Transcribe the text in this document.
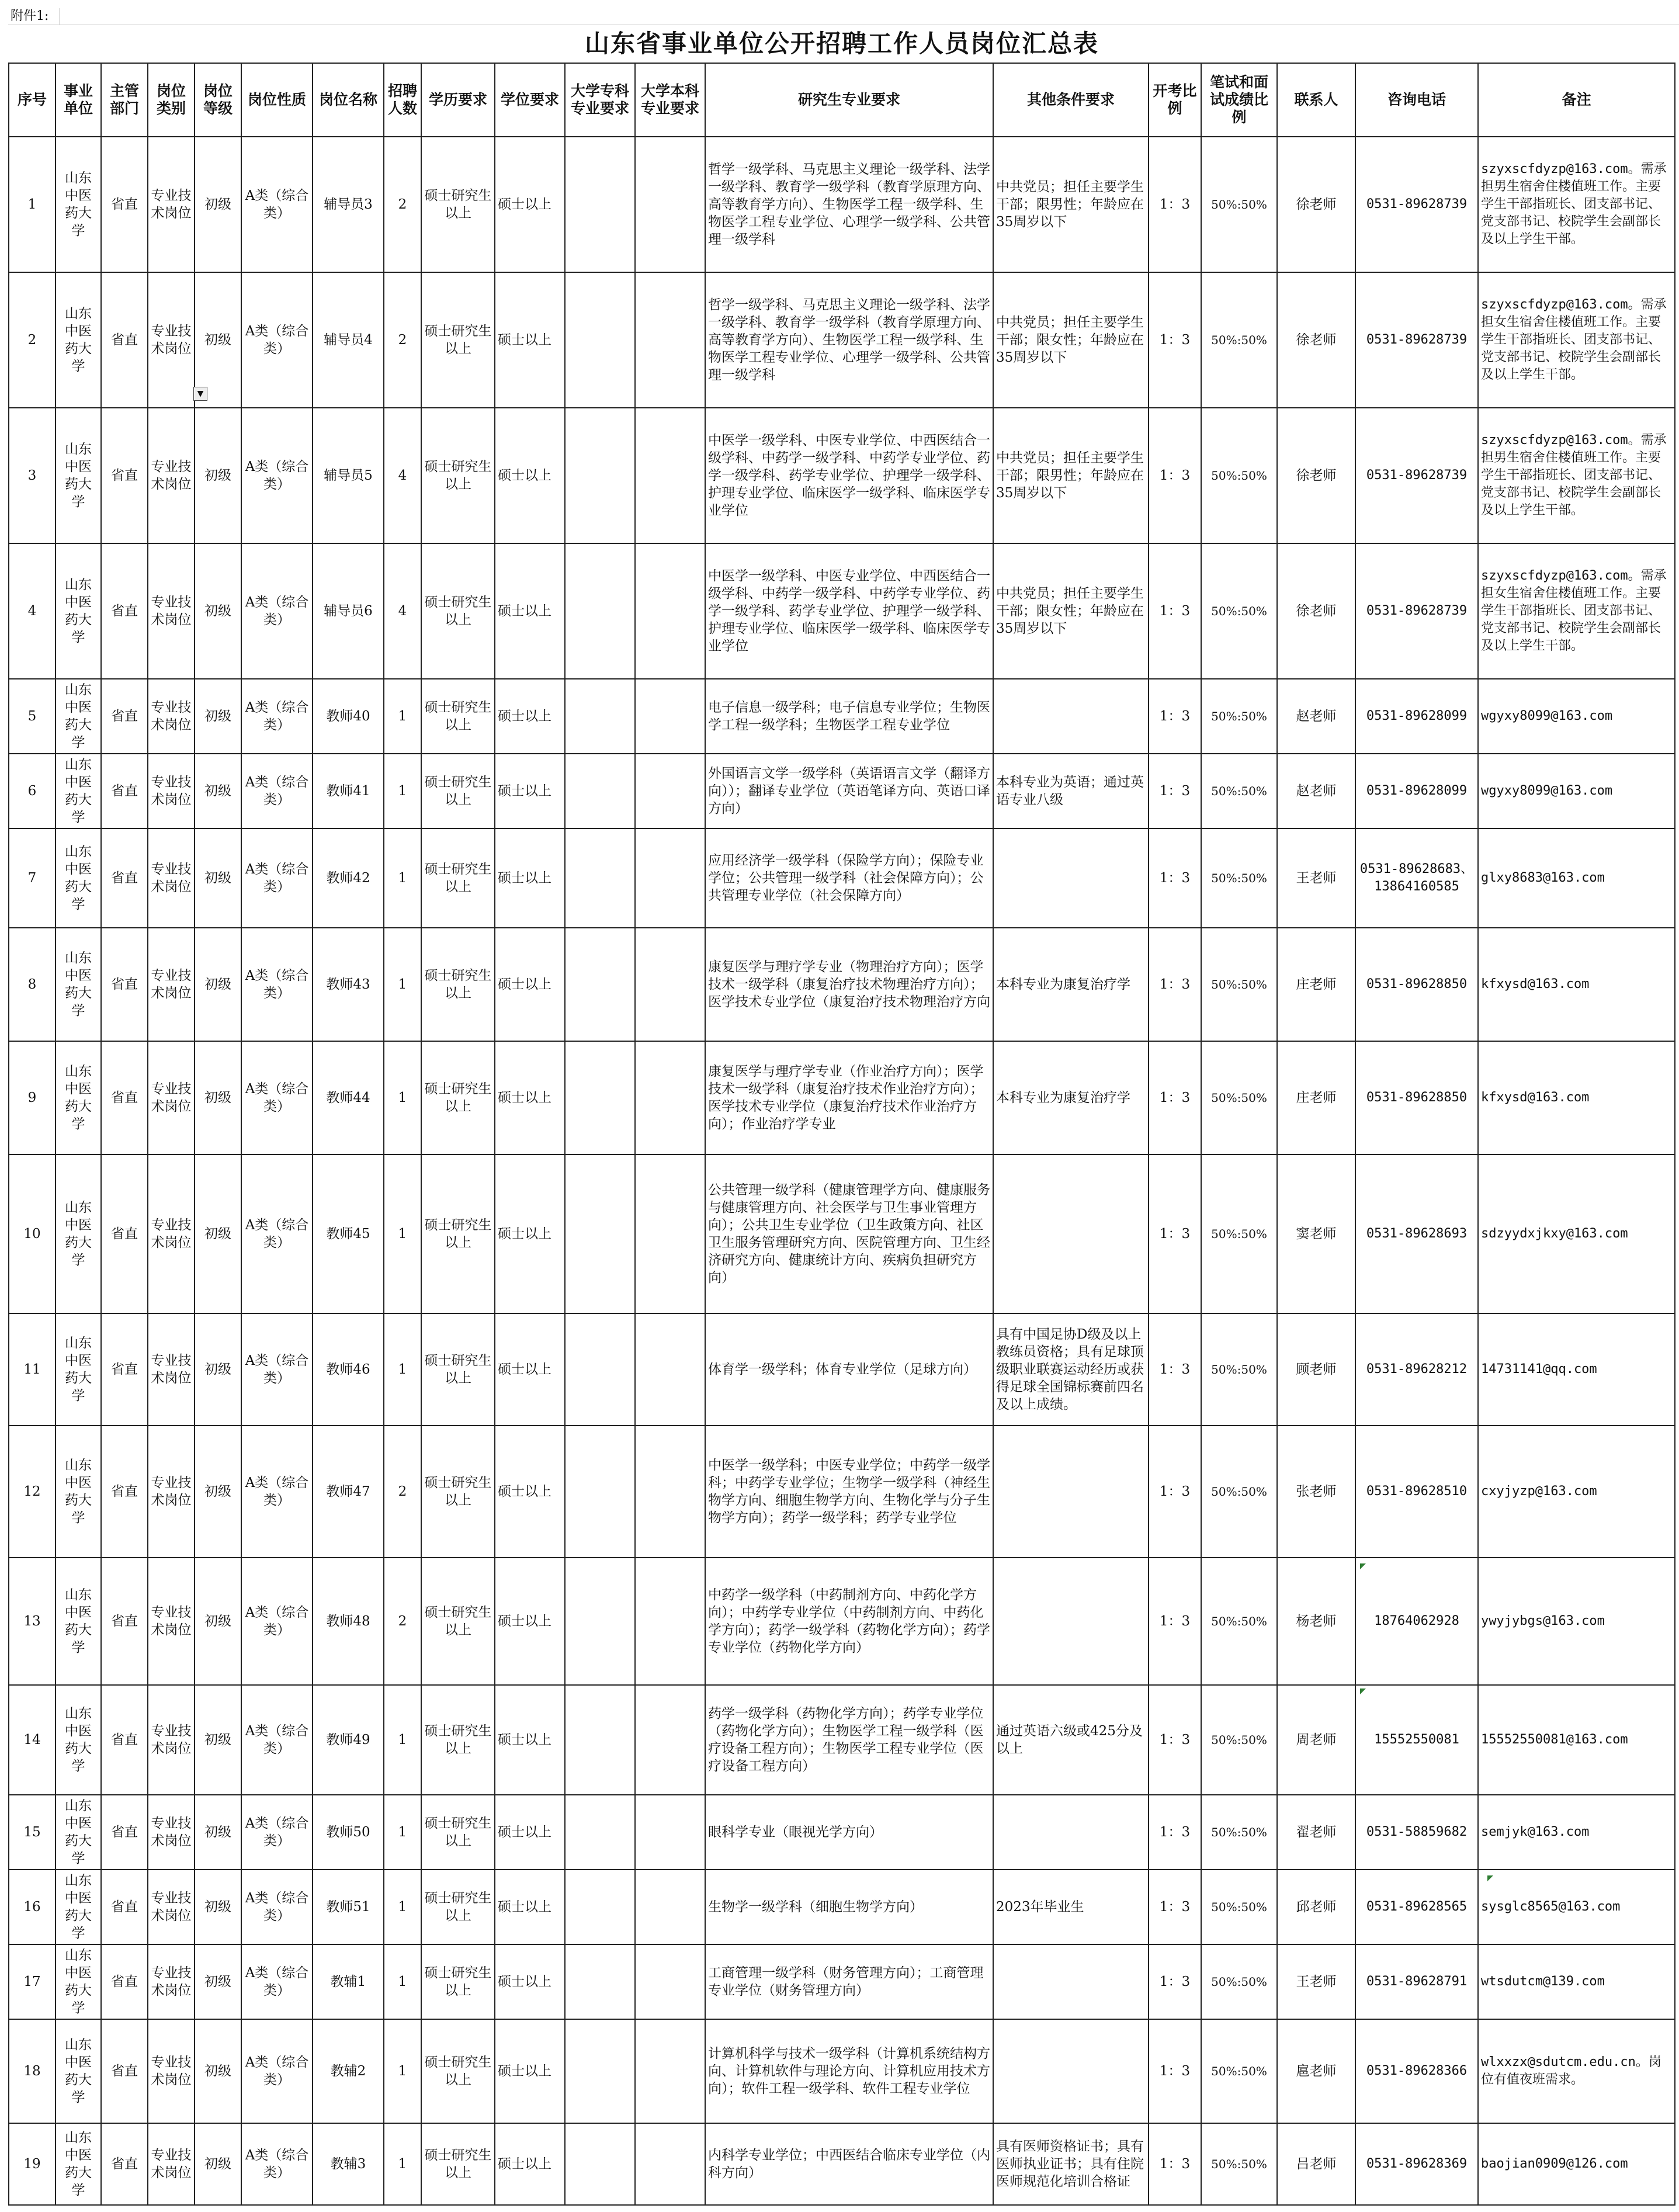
附件1:
山东省事业单位公开招聘工作人员岗位汇总表																		
序号	事业单位	主管部门	岗位类别	岗位等级	岗位性质	岗位名称	招聘人数	学历要求	学位要求	大学专科专业要求	大学本科专业要求	研究生专业要求	其他条件要求	开考比例	笔试和面试成绩比例	联系人	咨询电话	备注
1	山东中医药大学	省直	专业技术岗位	初级	A类（综合类）	辅导员3	2	硕士研究生以上	硕士以上			哲学一级学科、马克思主义理论一级学科、法学一级学科、教育学一级学科（教育学原理方向、高等教育学方向）、生物医学工程一级学科、生物医学工程专业学位、心理学一级学科、公共管理一级学科	中共党员；担任主要学生干部；限男性；年龄应在35周岁以下	1：3	50%:50%	徐老师	0531-89628739	szyxscfdyzp@163.com。需承担男生宿舍住楼值班工作。主要学生干部指班长、团支部书记、党支部书记、校院学生会副部长及以上学生干部。
2	山东中医药大学	省直	专业技术岗位	初级	A类（综合类）	辅导员4	2	硕士研究生以上	硕士以上			哲学一级学科、马克思主义理论一级学科、法学一级学科、教育学一级学科（教育学原理方向、高等教育学方向）、生物医学工程一级学科、生物医学工程专业学位、心理学一级学科、公共管理一级学科	中共党员；担任主要学生干部；限女性；年龄应在35周岁以下	1：3	50%:50%	徐老师	0531-89628739	szyxscfdyzp@163.com。需承担女生宿舍住楼值班工作。主要学生干部指班长、团支部书记、党支部书记、校院学生会副部长及以上学生干部。
3	山东中医药大学	省直	专业技术岗位	初级	A类（综合类）	辅导员5	4	硕士研究生以上	硕士以上			中医学一级学科、中医专业学位、中西医结合一级学科、中药学一级学科、中药学专业学位、药学一级学科、药学专业学位、护理学一级学科、护理专业学位、临床医学一级学科、临床医学专业学位	中共党员；担任主要学生干部；限男性；年龄应在35周岁以下	1：3	50%:50%	徐老师	0531-89628739	szyxscfdyzp@163.com。需承担男生宿舍住楼值班工作。主要学生干部指班长、团支部书记、党支部书记、校院学生会副部长及以上学生干部。
4	山东中医药大学	省直	专业技术岗位	初级	A类（综合类）	辅导员6	4	硕士研究生以上	硕士以上			中医学一级学科、中医专业学位、中西医结合一级学科、中药学一级学科、中药学专业学位、药学一级学科、药学专业学位、护理学一级学科、护理专业学位、临床医学一级学科、临床医学专业学位	中共党员；担任主要学生干部；限女性；年龄应在35周岁以下	1：3	50%:50%	徐老师	0531-89628739	szyxscfdyzp@163.com。需承担女生宿舍住楼值班工作。主要学生干部指班长、团支部书记、党支部书记、校院学生会副部长及以上学生干部。
5	山东中医药大学	省直	专业技术岗位	初级	A类（综合类）	教师40	1	硕士研究生以上	硕士以上			电子信息一级学科；电子信息专业学位；生物医学工程一级学科；生物医学工程专业学位		1：3	50%:50%	赵老师	0531-89628099	wgyxy8099@163.com
6	山东中医药大学	省直	专业技术岗位	初级	A类（综合类）	教师41	1	硕士研究生以上	硕士以上			外国语言文学一级学科（英语语言文学（翻译方向））；翻译专业学位（英语笔译方向、英语口译方向）	本科专业为英语；通过英语专业八级	1：3	50%:50%	赵老师	0531-89628099	wgyxy8099@163.com
7	山东中医药大学	省直	专业技术岗位	初级	A类（综合类）	教师42	1	硕士研究生以上	硕士以上			应用经济学一级学科（保险学方向）；保险专业学位；公共管理一级学科（社会保障方向）；公共管理专业学位（社会保障方向）		1：3	50%:50%	王老师	0531-89628683、13864160585	glxy8683@163.com
8	山东中医药大学	省直	专业技术岗位	初级	A类（综合类）	教师43	1	硕士研究生以上	硕士以上			康复医学与理疗学专业（物理治疗方向）；医学技术一级学科（康复治疗技术物理治疗方向）；医学技术专业学位（康复治疗技术物理治疗方向	本科专业为康复治疗学	1：3	50%:50%	庄老师	0531-89628850	kfxysd@163.com
9	山东中医药大学	省直	专业技术岗位	初级	A类（综合类）	教师44	1	硕士研究生以上	硕士以上			康复医学与理疗学专业（作业治疗方向）；医学技术一级学科（康复治疗技术作业治疗方向）；医学技术专业学位（康复治疗技术作业治疗方向）；作业治疗学专业	本科专业为康复治疗学	1：3	50%:50%	庄老师	0531-89628850	kfxysd@163.com
10	山东中医药大学	省直	专业技术岗位	初级	A类（综合类）	教师45	1	硕士研究生以上	硕士以上			公共管理一级学科（健康管理学方向、健康服务与健康管理方向、社会医学与卫生事业管理方向）；公共卫生专业学位（卫生政策方向、社区卫生服务管理研究方向、医院管理方向、卫生经济研究方向、健康统计方向、疾病负担研究方向）		1：3	50%:50%	窦老师	0531-89628693	sdzyydxjkxy@163.com
11	山东中医药大学	省直	专业技术岗位	初级	A类（综合类）	教师46	1	硕士研究生以上	硕士以上			体育学一级学科；体育专业学位（足球方向）	具有中国足协D级及以上教练员资格；具有足球顶级职业联赛运动经历或获得足球全国锦标赛前四名及以上成绩。	1：3	50%:50%	顾老师	0531-89628212	14731141@qq.com
12	山东中医药大学	省直	专业技术岗位	初级	A类（综合类）	教师47	2	硕士研究生以上	硕士以上			中医学一级学科；中医专业学位；中药学一级学科；中药学专业学位；生物学一级学科（神经生物学方向、细胞生物学方向、生物化学与分子生物学方向）；药学一级学科；药学专业学位		1：3	50%:50%	张老师	0531-89628510	cxyjyzp@163.com
13	山东中医药大学	省直	专业技术岗位	初级	A类（综合类）	教师48	2	硕士研究生以上	硕士以上			中药学一级学科（中药制剂方向、中药化学方向）；中药学专业学位（中药制剂方向、中药化学方向）；药学一级学科（药物化学方向）；药学专业学位（药物化学方向）		1：3	50%:50%	杨老师	18764062928	ywyjybgs@163.com
14	山东中医药大学	省直	专业技术岗位	初级	A类（综合类）	教师49	1	硕士研究生以上	硕士以上			药学一级学科（药物化学方向）；药学专业学位（药物化学方向）；生物医学工程一级学科（医疗设备工程方向）；生物医学工程专业学位（医疗设备工程方向）	通过英语六级或425分及以上	1：3	50%:50%	周老师	15552550081	15552550081@163.com
15	山东中医药大学	省直	专业技术岗位	初级	A类（综合类）	教师50	1	硕士研究生以上	硕士以上			眼科学专业（眼视光学方向）		1：3	50%:50%	翟老师	0531-58859682	semjyk@163.com
16	山东中医药大学	省直	专业技术岗位	初级	A类（综合类）	教师51	1	硕士研究生以上	硕士以上			生物学一级学科（细胞生物学方向）	2023年毕业生	1：3	50%:50%	邱老师	0531-89628565	sysglc8565@163.com
17	山东中医药大学	省直	专业技术岗位	初级	A类（综合类）	教辅1	1	硕士研究生以上	硕士以上			工商管理一级学科（财务管理方向）；工商管理专业学位（财务管理方向）		1：3	50%:50%	王老师	0531-89628791	wtsdutcm@139.com
18	山东中医药大学	省直	专业技术岗位	初级	A类（综合类）	教辅2	1	硕士研究生以上	硕士以上			计算机科学与技术一级学科（计算机系统结构方向、计算机软件与理论方向、计算机应用技术方向）；软件工程一级学科、软件工程专业学位		1：3	50%:50%	扈老师	0531-89628366	wlxxzx@sdutcm.edu.cn。岗位有值夜班需求。
19	山东中医药大学	省直	专业技术岗位	初级	A类（综合类）	教辅3	1	硕士研究生以上	硕士以上			内科学专业学位；中西医结合临床专业学位（内科方向）	具有医师资格证书；具有医师执业证书；具有住院医师规范化培训合格证	1：3	50%:50%	吕老师	0531-89628369	baojian0909@126.com
▼
